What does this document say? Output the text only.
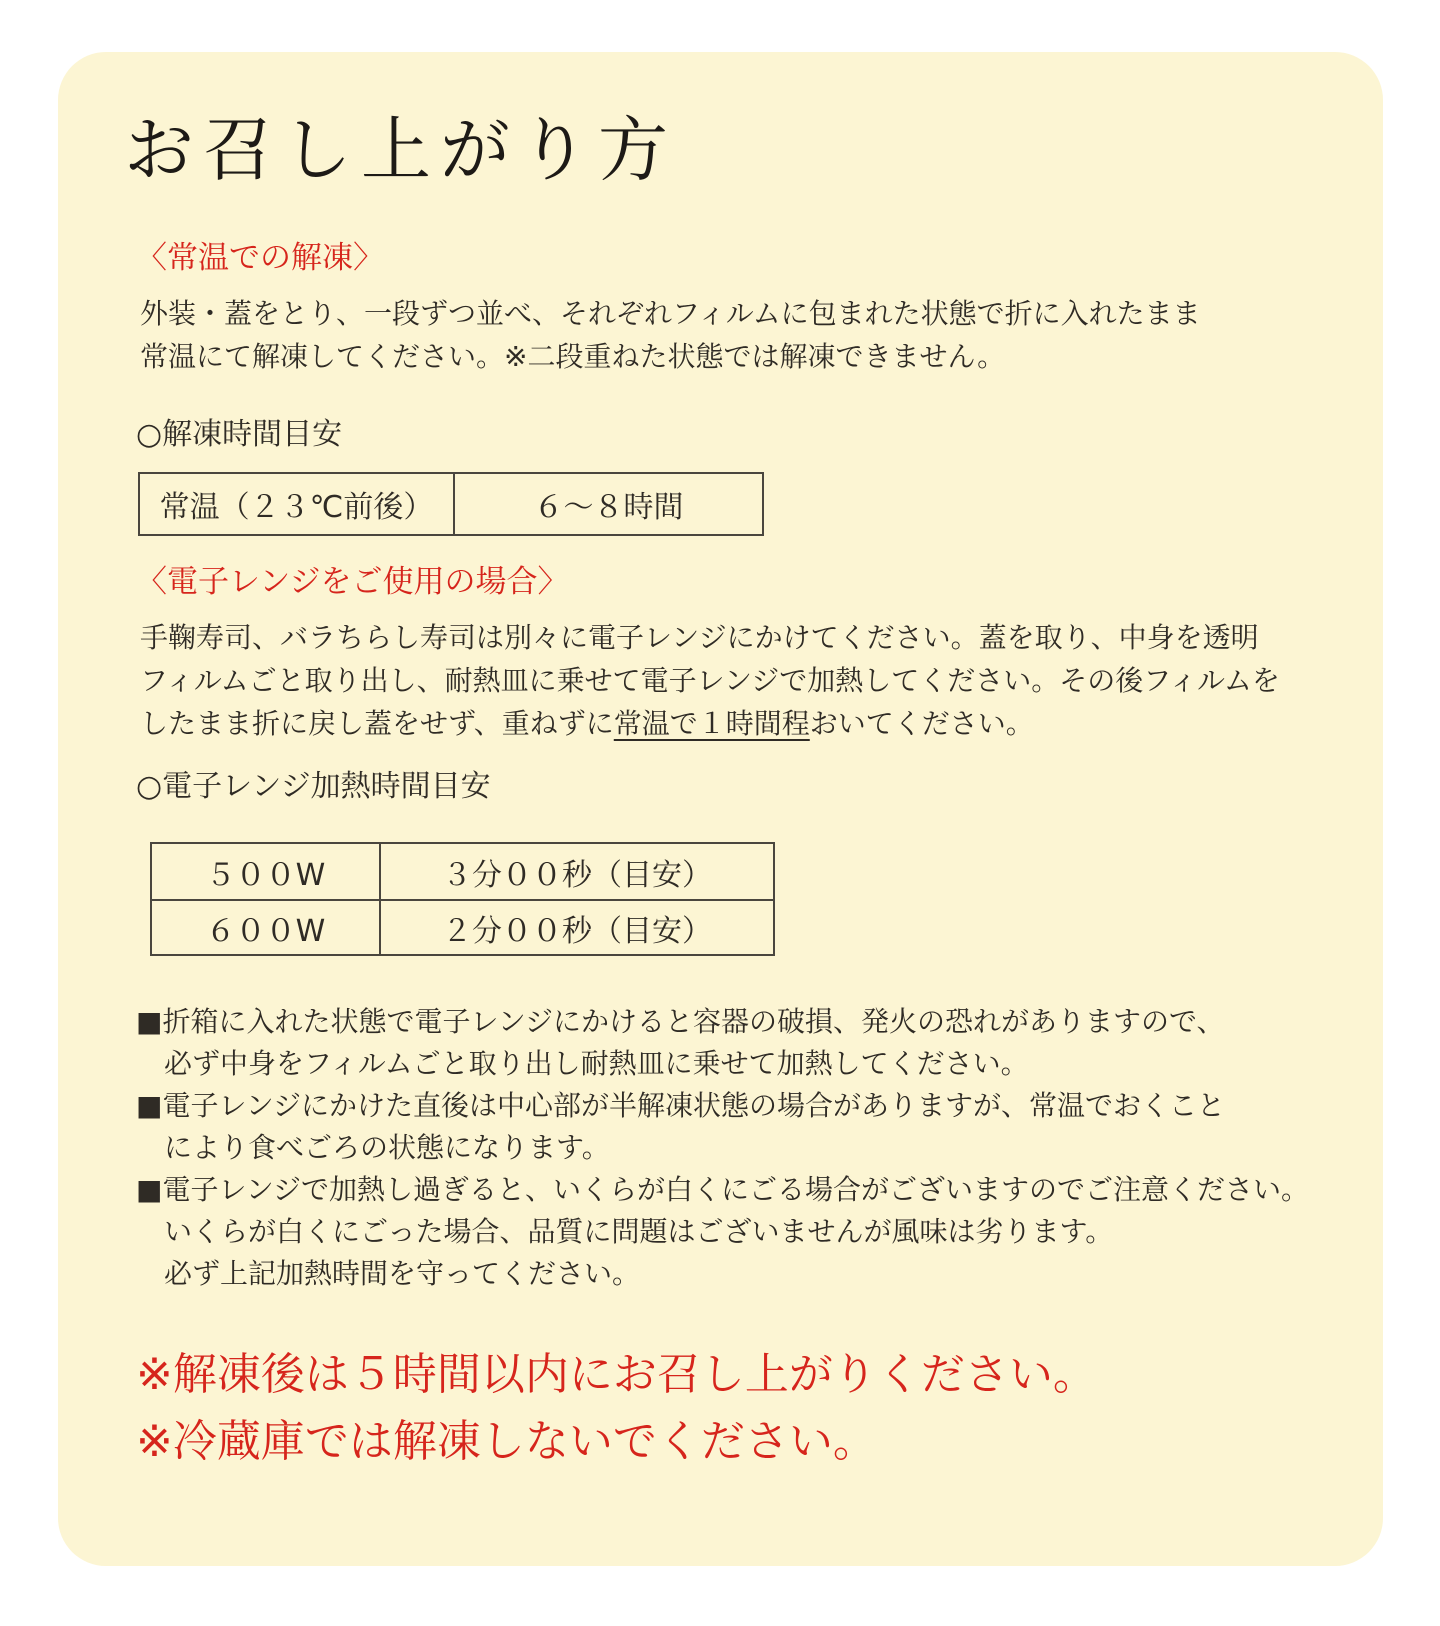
お召し上がり方
〈常温での解凍〉

外装・蓋をとり、一段ずつ並べ、それぞれフィルムに包まれた状態で折に入れたまま
常温にて解凍してください。※二段重ねた状態では解凍できません。

○解凍時間目安
常温（２３℃前後）	６～８時間
〈電子レンジをご使用の場合〉

手鞠寿司、バラちらし寿司は別々に電子レンジにかけてください。蓋を取り、中身を透明
フィルムごと取り出し、耐熱皿に乗せて電子レンジで加熱してください。その後フィルムを
したまま折に戻し蓋をせず、重ねずに常温で１時間程おいてください。

○電子レンジ加熱時間目安
５００W	３分００秒（目安）
６００W	２分００秒（目安）
■折箱に入れた状態で電子レンジにかけると容器の破損、発火の恐れがありますので、
　必ず中身をフィルムごと取り出し耐熱皿に乗せて加熱してください。
■電子レンジにかけた直後は中心部が半解凍状態の場合がありますが、常温でおくこと
　により食べごろの状態になります。
■電子レンジで加熱し過ぎると、いくらが白くにごる場合がございますのでご注意ください。
　いくらが白くにごった場合、品質に問題はございませんが風味は劣ります。
　必ず上記加熱時間を守ってください。
※解凍後は５時間以内にお召し上がりください。
※冷蔵庫では解凍しないでください。
